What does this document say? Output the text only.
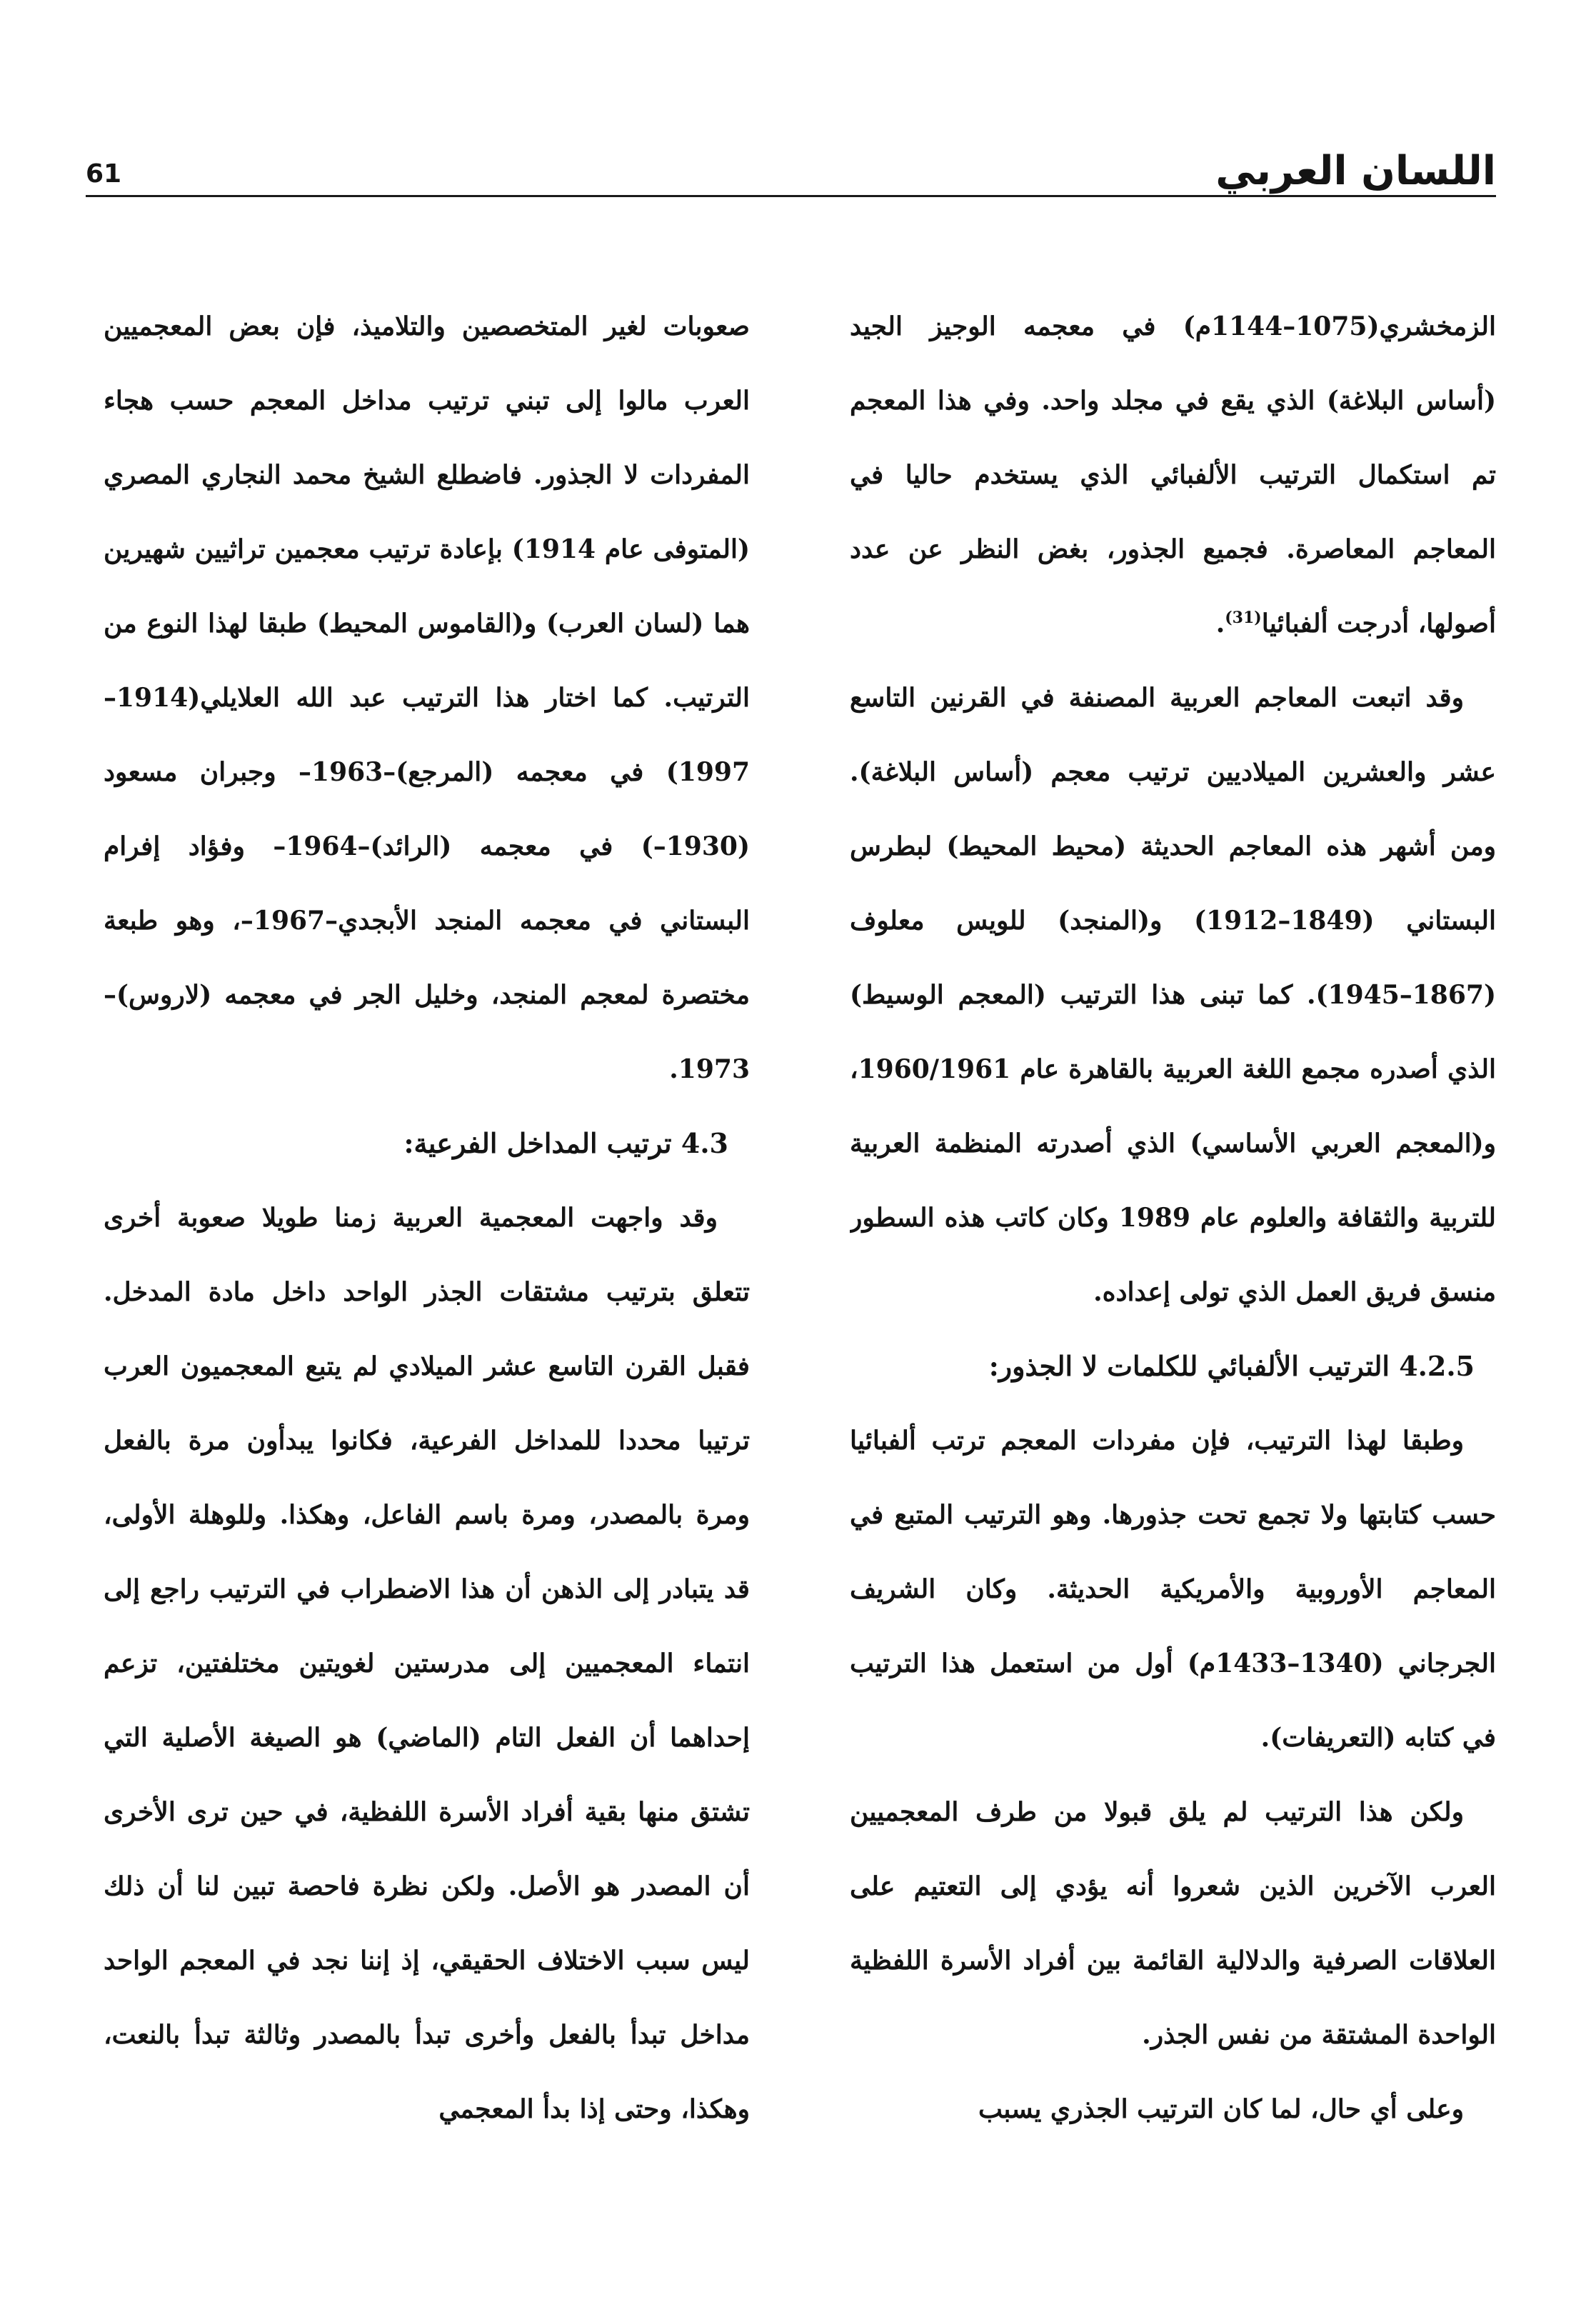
اللسان العربي
61

الزمخشري(1075–1144م) في معجمه الوجيز الجيد (أساس البلاغة) الذي يقع في مجلد واحد. وفي هذا المعجم تم استكمال الترتيب الألفبائي الذي يستخدم حاليا في المعاجم المعاصرة. فجميع الجذور، بغض النظر عن عدد أصولها، أدرجت ألفبائيا$^{(31)}$.

وقد اتبعت المعاجم العربية المصنفة في القرنين التاسع عشر والعشرين الميلاديين ترتيب معجم (أساس البلاغة). ومن أشهر هذه المعاجم الحديثة (محيط المحيط) لبطرس البستاني (1849–1912) و(المنجد) للويس معلوف (1867–1945). كما تبنى هذا الترتيب (المعجم الوسيط) الذي أصدره مجمع اللغة العربية بالقاهرة عام 1960/1961، و(المعجم العربي الأساسي) الذي أصدرته المنظمة العربية للتربية والثقافة والعلوم عام 1989 وكان كاتب هذه السطور منسق فريق العمل الذي تولى إعداده.

4.2.5 الترتيب الألفبائي للكلمات لا الجذور:

وطبقا لهذا الترتيب، فإن مفردات المعجم ترتب ألفبائيا حسب كتابتها ولا تجمع تحت جذورها. وهو الترتيب المتبع في المعاجم الأوروبية والأمريكية الحديثة. وكان الشريف الجرجاني (1340–1433م) أول من استعمل هذا الترتيب في كتابه (التعريفات).

ولكن هذا الترتيب لم يلق قبولا من طرف المعجميين العرب الآخرين الذين شعروا أنه يؤدي إلى التعتيم على العلاقات الصرفية والدلالية القائمة بين أفراد الأسرة اللفظية الواحدة المشتقة من نفس الجذر.

وعلى أي حال، لما كان الترتيب الجذري يسبب

صعوبات لغير المتخصصين والتلاميذ، فإن بعض المعجميين العرب مالوا إلى تبني ترتيب مداخل المعجم حسب هجاء المفردات لا الجذور. فاضطلع الشيخ محمد النجاري المصري (المتوفى عام 1914) بإعادة ترتيب معجمين تراثيين شهيرين هما (لسان العرب) و(القاموس المحيط) طبقا لهذا النوع من الترتيب. كما اختار هذا الترتيب عبد الله العلايلي(1914–1997) في معجمه (المرجع)–1963– وجبران مسعود (1930–) في معجمه (الرائد)–1964– وفؤاد إفرام البستاني في معجمه المنجد الأبجدي–1967–، وهو طبعة مختصرة لمعجم المنجد، وخليل الجر في معجمه (لاروس)–1973.

4.3 ترتيب المداخل الفرعية:

وقد واجهت المعجمية العربية زمنا طويلا صعوبة أخرى تتعلق بترتيب مشتقات الجذر الواحد داخل مادة المدخل. فقبل القرن التاسع عشر الميلادي لم يتبع المعجميون العرب ترتيبا محددا للمداخل الفرعية، فكانوا يبدأون مرة بالفعل ومرة بالمصدر، ومرة باسم الفاعل، وهكذا. وللوهلة الأولى، قد يتبادر إلى الذهن أن هذا الاضطراب في الترتيب راجع إلى انتماء المعجميين إلى مدرستين لغويتين مختلفتين، تزعم إحداهما أن الفعل التام (الماضي) هو الصيغة الأصلية التي تشتق منها بقية أفراد الأسرة اللفظية، في حين ترى الأخرى أن المصدر هو الأصل. ولكن نظرة فاحصة تبين لنا أن ذلك ليس سبب الاختلاف الحقيقي، إذ إننا نجد في المعجم الواحد مداخل تبدأ بالفعل وأخرى تبدأ بالمصدر وثالثة تبدأ بالنعت، وهكذا، وحتى إذا بدأ المعجمي
